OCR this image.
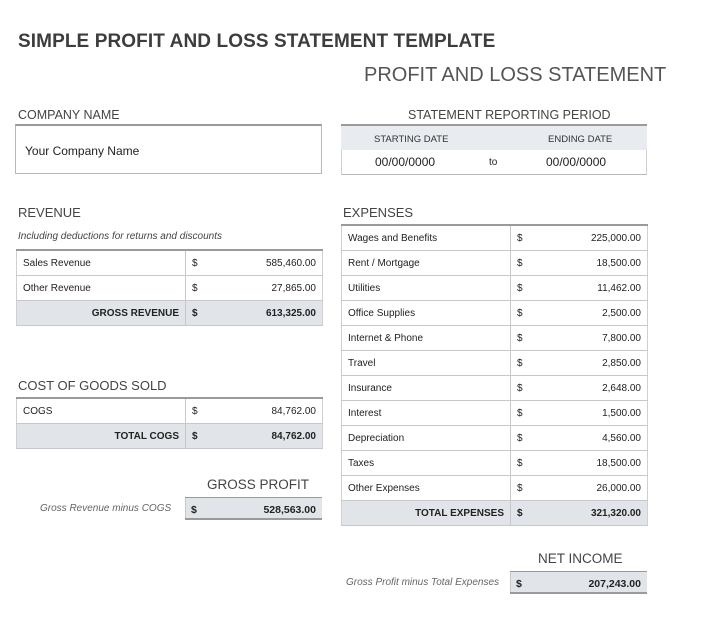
SIMPLE PROFIT AND LOSS STATEMENT TEMPLATE
PROFIT AND LOSS STATEMENT
COMPANY NAME
Your Company Name
STATEMENT REPORTING PERIOD
STARTING DATE	ENDING DATE
00/00/0000	to	00/00/0000
REVENUE
Including deductions for returns and discounts
Sales Revenue	$	585,460.00
Other Revenue	$	27,865.00
GROSS REVENUE	$	613,325.00
COST OF GOODS SOLD
COGS	$	84,762.00
TOTAL COGS	$	84,762.00
GROSS PROFIT
Gross Revenue minus COGS $	528,563.00
EXPENSES
Wages and Benefits	$	225,000.00
Rent / Mortgage	$	18,500.00
Utilities	$	11,462.00
Office Supplies	$	2,500.00
Internet & Phone	$	7,800.00
Travel	$	2,850.00
Insurance	$	2,648.00
Interest	$	1,500.00
Depreciation	$	4,560.00
Taxes	$	18,500.00
Other Expenses	$	26,000.00
TOTAL EXPENSES	$	321,320.00
NET INCOME
Gross Profit minus Total Expenses $	207,243.00
